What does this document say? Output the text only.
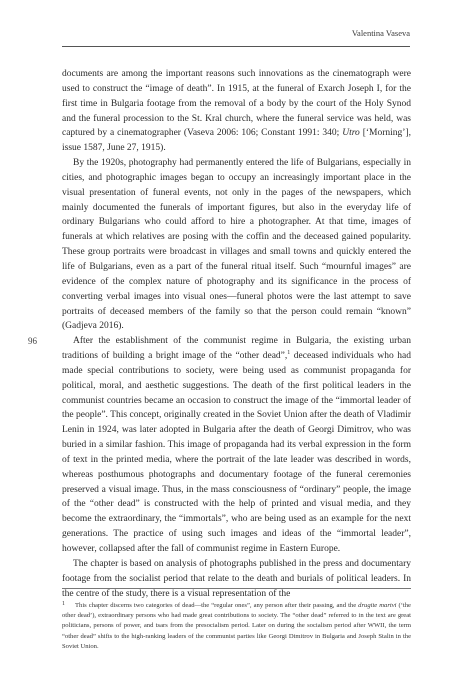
Valentina Vaseva
96

documents are among the important reasons such innovations as the cinematograph were used to construct the “image of death”. In 1915, at the funeral of Exarch Joseph I, for the first time in Bulgaria footage from the removal of a body by the court of the Holy Synod and the funeral procession to the St. Kral church, where the funeral service was held, was captured by a cinematographer (Vaseva 2006: 106; Constant 1991: 340; Utro [‘Morning’], issue 1587, June 27, 1915).

By the 1920s, photography had permanently entered the life of Bulgarians, especially in cities, and photographic images began to occupy an increasingly important place in the visual presentation of funeral events, not only in the pages of the newspapers, which mainly documented the funerals of important figures, but also in the everyday life of ordinary Bulgarians who could afford to hire a photographer. At that time, images of funerals at which relatives are posing with the coffin and the deceased gained popularity. These group portraits were broadcast in villages and small towns and quickly entered the life of Bulgarians, even as a part of the funeral ritual itself. Such “mournful images” are evidence of the complex nature of photography and its significance in the process of converting verbal images into visual ones—funeral photos were the last attempt to save portraits of deceased members of the family so that the person could remain “known” (Gadjeva 2016).

After the establishment of the communist regime in Bulgaria, the existing urban traditions of building a bright image of the “other dead”,$^1$ deceased individuals who had made special contributions to society, were being used as communist propaganda for political, moral, and aesthetic suggestions. The death of the first political leaders in the communist countries became an occasion to construct the image of the “immortal leader of the people”. This concept, originally created in the Soviet Union after the death of Vladimir Lenin in 1924, was later adopted in Bulgaria after the death of Georgi Dimitrov, who was buried in a similar fashion. This image of propaganda had its verbal expression in the form of text in the printed media, where the portrait of the late leader was described in words, whereas posthumous photographs and documentary footage of the funeral ceremonies preserved a visual image. Thus, in the mass consciousness of “ordinary” people, the image of the “other dead” is constructed with the help of printed and visual media, and they become the extraordinary, the “immortals”, who are being used as an example for the next generations. The practice of using such images and ideas of the “immortal leader”, however, collapsed after the fall of communist regime in Eastern Europe.

The chapter is based on analysis of photographs published in the press and documentary footage from the socialist period that relate to the death and burials of political leaders. In the centre of the study, there is a visual representation of the

1 This chapter discerns two categories of dead—the “regular ones”, any person after their passing, and the drugite martvi (‘the other dead’), extraordinary persons who had made great contributions to society. The “other dead” referred to in the text are great politicians, persons of power, and tsars from the presocialism period. Later on during the socialism period after WWII, the term “other dead” shifts to the high-ranking leaders of the communist parties like Georgi Dimitrov in Bulgaria and Joseph Stalin in the Soviet Union.
